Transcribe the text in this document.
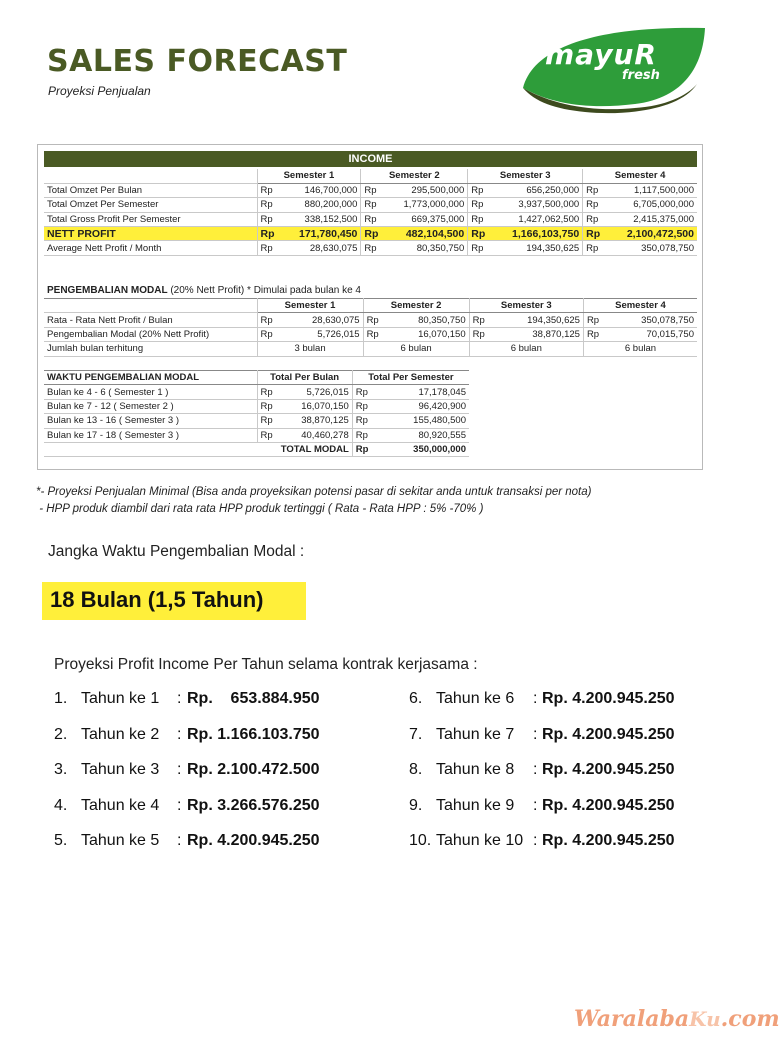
SALES FORECAST
Proyeksi Penjualan
mayuR
fresh
INCOME
	Semester 1		Semester 2		Semester 3		Semester 4	
Total Omzet Per Bulan	Rp	146,700,000	Rp	295,500,000	Rp	656,250,000	Rp	1,117,500,000
Total Omzet Per Semester	Rp	880,200,000	Rp	1,773,000,000	Rp	3,937,500,000	Rp	6,705,000,000
Total Gross Profit Per Semester	Rp	338,152,500	Rp	669,375,000	Rp	1,427,062,500	Rp	2,415,375,000
NETT PROFIT	Rp	171,780,450	Rp	482,104,500	Rp	1,166,103,750	Rp	2,100,472,500
Average Nett Profit / Month	Rp	28,630,075	Rp	80,350,750	Rp	194,350,625	Rp	350,078,750
PENGEMBALIAN MODAL (20% Nett Profit) * Dimulai pada bulan ke 4
	Semester 1		Semester 2		Semester 3		Semester 4	
Rata - Rata Nett Profit / Bulan	Rp	28,630,075	Rp	80,350,750	Rp	194,350,625	Rp	350,078,750
Pengembalian Modal (20% Nett Profit)	Rp	5,726,015	Rp	16,070,150	Rp	38,870,125	Rp	70,015,750
Jumlah bulan terhitung	3 bulan		6 bulan		6 bulan		6 bulan	
WAKTU PENGEMBALIAN MODAL	Total Per Bulan		Total Per Semester	
Bulan ke 4 - 6 ( Semester 1 )	Rp	5,726,015	Rp	17,178,045
Bulan ke 7 - 12 ( Semester 2 )	Rp	16,070,150	Rp	96,420,900
Bulan ke 13 - 16 ( Semester 3 )	Rp	38,870,125	Rp	155,480,500
Bulan ke 17 - 18 ( Semester 3 )	Rp	40,460,278	Rp	80,920,555
TOTAL MODAL			Rp	350,000,000
*- Proyeksi Penjualan Minimal (Bisa anda proyeksikan potensi pasar di sekitar anda untuk transaksi per nota)
- HPP produk diambil dari rata rata HPP produk tertinggi ( Rata - Rata HPP : 5% -70% )
Jangka Waktu Pengembalian Modal :
18 Bulan (1,5 Tahun)
Proyeksi Profit Income Per Tahun selama kontrak kerjasama :
1. Tahun ke 1 : Rp.    653.884.950
2. Tahun ke 2 : Rp. 1.166.103.750
3. Tahun ke 3 : Rp. 2.100.472.500
4. Tahun ke 4 : Rp. 3.266.576.250
5. Tahun ke 5 : Rp. 4.200.945.250
6. Tahun ke 6 : Rp. 4.200.945.250
7. Tahun ke 7 : Rp. 4.200.945.250
8. Tahun ke 8 : Rp. 4.200.945.250
9. Tahun ke 9 : Rp. 4.200.945.250
10. Tahun ke 10 : Rp. 4.200.945.250
WaralabaKu.com
